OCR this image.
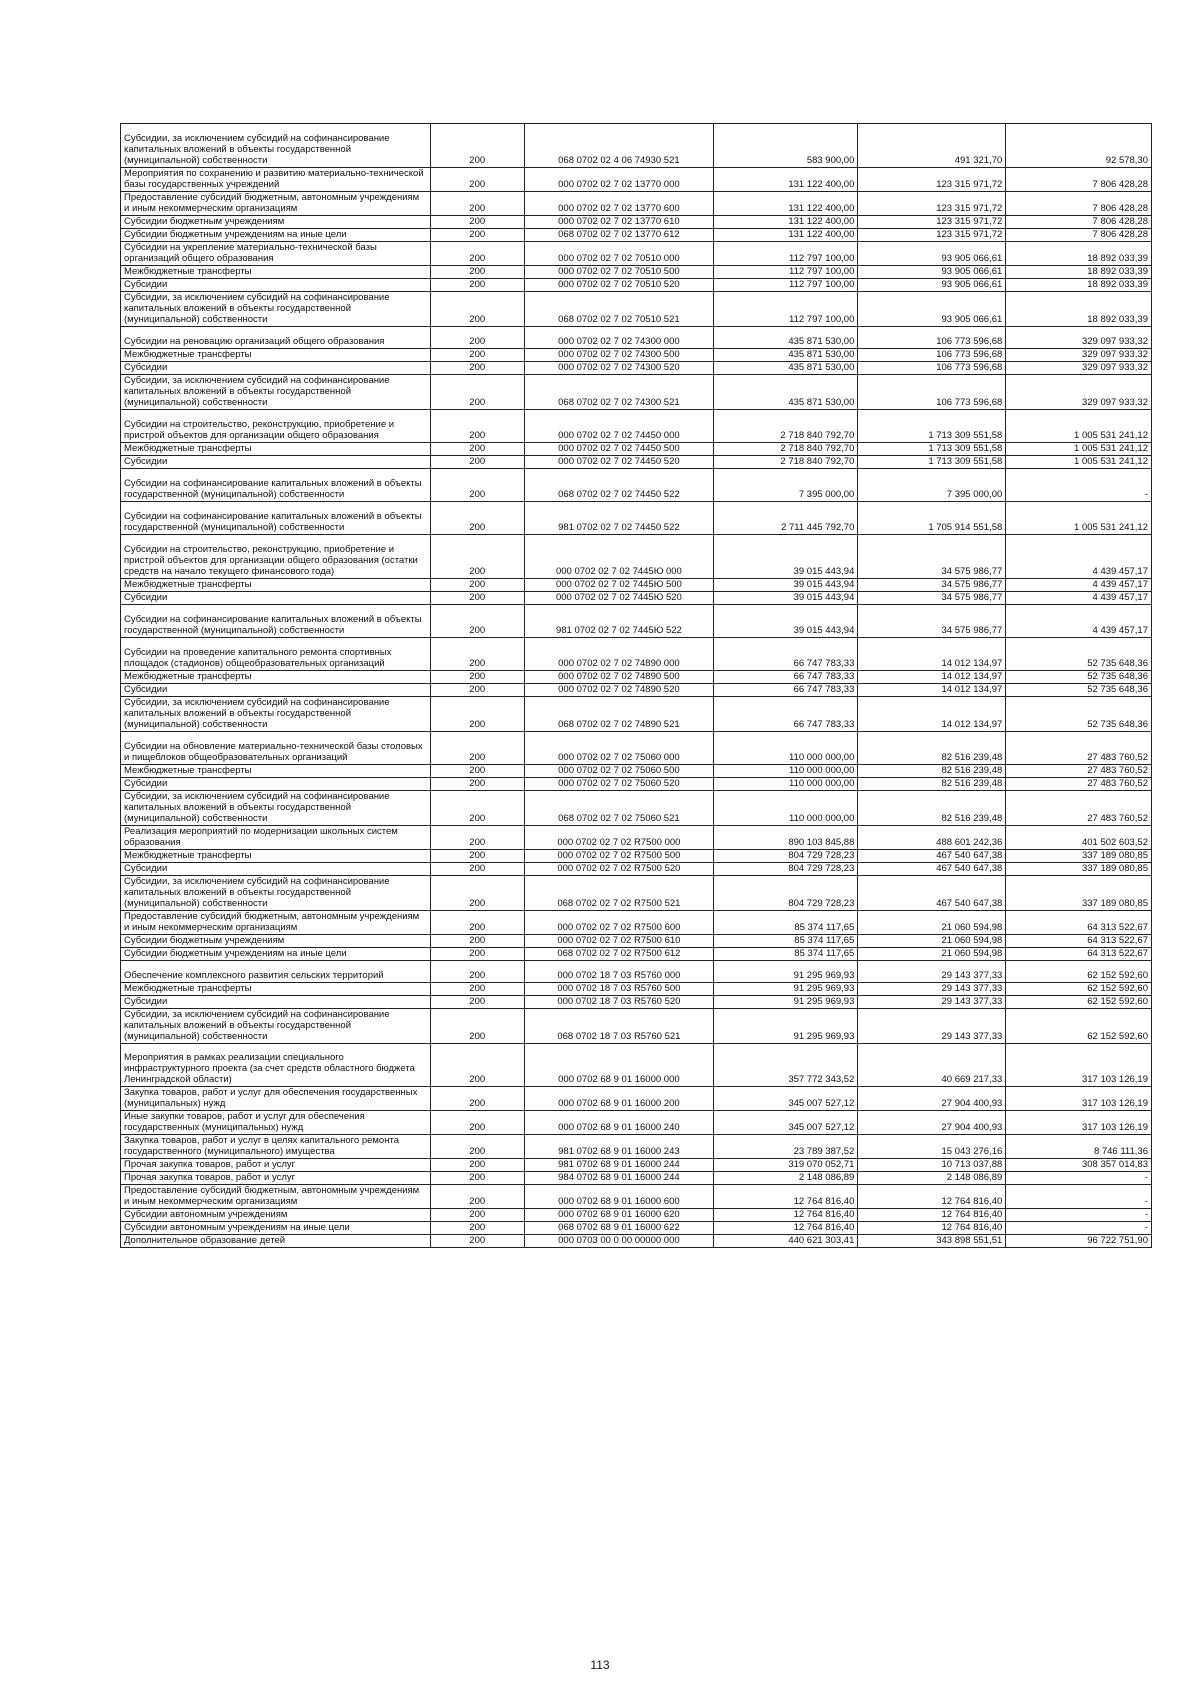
Субсидии, за исключением субсидий на софинансирование капитальных вложений в объекты государственной (муниципальной) собственности	200	068 0702 02 4 06 74930 521	583 900,00	491 321,70	92 578,30
Мероприятия по сохранению и развитию материально-технической базы государственных учреждений	200	000 0702 02 7 02 13770 000	131 122 400,00	123 315 971,72	7 806 428,28
Предоставление субсидий бюджетным, автономным учреждениям и иным некоммерческим организациям	200	000 0702 02 7 02 13770 600	131 122 400,00	123 315 971,72	7 806 428,28
Субсидии бюджетным учреждениям	200	000 0702 02 7 02 13770 610	131 122 400,00	123 315 971,72	7 806 428,28
Субсидии бюджетным учреждениям на иные цели	200	068 0702 02 7 02 13770 612	131 122 400,00	123 315 971,72	7 806 428,28
Субсидии на укрепление материально-технической базы организаций общего образования	200	000 0702 02 7 02 70510 000	112 797 100,00	93 905 066,61	18 892 033,39
Межбюджетные трансферты	200	000 0702 02 7 02 70510 500	112 797 100,00	93 905 066,61	18 892 033,39
Субсидии	200	000 0702 02 7 02 70510 520	112 797 100,00	93 905 066,61	18 892 033,39
Субсидии, за исключением субсидий на софинансирование капитальных вложений в объекты государственной (муниципальной) собственности	200	068 0702 02 7 02 70510 521	112 797 100,00	93 905 066,61	18 892 033,39
Субсидии на реновацию организаций общего образования	200	000 0702 02 7 02 74300 000	435 871 530,00	106 773 596,68	329 097 933,32
Межбюджетные трансферты	200	000 0702 02 7 02 74300 500	435 871 530,00	106 773 596,68	329 097 933,32
Субсидии	200	000 0702 02 7 02 74300 520	435 871 530,00	106 773 596,68	329 097 933,32
Субсидии, за исключением субсидий на софинансирование капитальных вложений в объекты государственной (муниципальной) собственности	200	068 0702 02 7 02 74300 521	435 871 530,00	106 773 596,68	329 097 933,32
Субсидии на строительство, реконструкцию, приобретение и пристрой объектов для организации общего образования	200	000 0702 02 7 02 74450 000	2 718 840 792,70	1 713 309 551,58	1 005 531 241,12
Межбюджетные трансферты	200	000 0702 02 7 02 74450 500	2 718 840 792,70	1 713 309 551,58	1 005 531 241,12
Субсидии	200	000 0702 02 7 02 74450 520	2 718 840 792,70	1 713 309 551,58	1 005 531 241,12
Субсидии на софинансирование капитальных вложений в объекты государственной (муниципальной) собственности	200	068 0702 02 7 02 74450 522	7 395 000,00	7 395 000,00	-
Субсидии на софинансирование капитальных вложений в объекты государственной (муниципальной) собственности	200	981 0702 02 7 02 74450 522	2 711 445 792,70	1 705 914 551,58	1 005 531 241,12
Субсидии на строительство, реконструкцию, приобретение и пристрой объектов для организации общего образования (остатки средств на начало текущего финансового года)	200	000 0702 02 7 02 7445Ю 000	39 015 443,94	34 575 986,77	4 439 457,17
Межбюджетные трансферты	200	000 0702 02 7 02 7445Ю 500	39 015 443,94	34 575 986,77	4 439 457,17
Субсидии	200	000 0702 02 7 02 7445Ю 520	39 015 443,94	34 575 986,77	4 439 457,17
Субсидии на софинансирование капитальных вложений в объекты государственной (муниципальной) собственности	200	981 0702 02 7 02 7445Ю 522	39 015 443,94	34 575 986,77	4 439 457,17
Субсидии на проведение капитального ремонта спортивных площадок (стадионов) общеобразовательных организаций	200	000 0702 02 7 02 74890 000	66 747 783,33	14 012 134,97	52 735 648,36
Межбюджетные трансферты	200	000 0702 02 7 02 74890 500	66 747 783,33	14 012 134,97	52 735 648,36
Субсидии	200	000 0702 02 7 02 74890 520	66 747 783,33	14 012 134,97	52 735 648,36
Субсидии, за исключением субсидий на софинансирование капитальных вложений в объекты государственной (муниципальной) собственности	200	068 0702 02 7 02 74890 521	66 747 783,33	14 012 134,97	52 735 648,36
Субсидии на обновление материально-технической базы столовых и пищеблоков общеобразовательных организаций	200	000 0702 02 7 02 75060 000	110 000 000,00	82 516 239,48	27 483 760,52
Межбюджетные трансферты	200	000 0702 02 7 02 75060 500	110 000 000,00	82 516 239,48	27 483 760,52
Субсидии	200	000 0702 02 7 02 75060 520	110 000 000,00	82 516 239,48	27 483 760,52
Субсидии, за исключением субсидий на софинансирование капитальных вложений в объекты государственной (муниципальной) собственности	200	068 0702 02 7 02 75060 521	110 000 000,00	82 516 239,48	27 483 760,52
Реализация мероприятий по модернизации школьных систем образования	200	000 0702 02 7 02 R7500 000	890 103 845,88	488 601 242,36	401 502 603,52
Межбюджетные трансферты	200	000 0702 02 7 02 R7500 500	804 729 728,23	467 540 647,38	337 189 080,85
Субсидии	200	000 0702 02 7 02 R7500 520	804 729 728,23	467 540 647,38	337 189 080,85
Субсидии, за исключением субсидий на софинансирование капитальных вложений в объекты государственной (муниципальной) собственности	200	068 0702 02 7 02 R7500 521	804 729 728,23	467 540 647,38	337 189 080,85
Предоставление субсидий бюджетным, автономным учреждениям и иным некоммерческим организациям	200	000 0702 02 7 02 R7500 600	85 374 117,65	21 060 594,98	64 313 522,67
Субсидии бюджетным учреждениям	200	000 0702 02 7 02 R7500 610	85 374 117,65	21 060 594,98	64 313 522,67
Субсидии бюджетным учреждениям на иные цели	200	068 0702 02 7 02 R7500 612	85 374 117,65	21 060 594,98	64 313 522,67
Обеспечение комплексного развития сельских территорий	200	000 0702 18 7 03 R5760 000	91 295 969,93	29 143 377,33	62 152 592,60
Межбюджетные трансферты	200	000 0702 18 7 03 R5760 500	91 295 969,93	29 143 377,33	62 152 592,60
Субсидии	200	000 0702 18 7 03 R5760 520	91 295 969,93	29 143 377,33	62 152 592,60
Субсидии, за исключением субсидий на софинансирование капитальных вложений в объекты государственной (муниципальной) собственности	200	068 0702 18 7 03 R5760 521	91 295 969,93	29 143 377,33	62 152 592,60
Мероприятия в рамках реализации специального инфраструктурного проекта (за счет средств областного бюджета Ленинградской области)	200	000 0702 68 9 01 16000 000	357 772 343,52	40 669 217,33	317 103 126,19
Закупка товаров, работ и услуг для обеспечения государственных (муниципальных) нужд	200	000 0702 68 9 01 16000 200	345 007 527,12	27 904 400,93	317 103 126,19
Иные закупки товаров, работ и услуг для обеспечения государственных (муниципальных) нужд	200	000 0702 68 9 01 16000 240	345 007 527,12	27 904 400,93	317 103 126,19
Закупка товаров, работ и услуг в целях капитального ремонта государственного (муниципального) имущества	200	981 0702 68 9 01 16000 243	23 789 387,52	15 043 276,16	8 746 111,36
Прочая закупка товаров, работ и услуг	200	981 0702 68 9 01 16000 244	319 070 052,71	10 713 037,88	308 357 014,83
Прочая закупка товаров, работ и услуг	200	984 0702 68 9 01 16000 244	2 148 086,89	2 148 086,89	-
Предоставление субсидий бюджетным, автономным учреждениям и иным некоммерческим организациям	200	000 0702 68 9 01 16000 600	12 764 816,40	12 764 816,40	-
Субсидии автономным учреждениям	200	000 0702 68 9 01 16000 620	12 764 816,40	12 764 816,40	-
Субсидии автономным учреждениям на иные цели	200	068 0702 68 9 01 16000 622	12 764 816,40	12 764 816,40	-
Дополнительное образование детей	200	000 0703 00 0 00 00000 000	440 621 303,41	343 898 551,51	96 722 751,90
113
